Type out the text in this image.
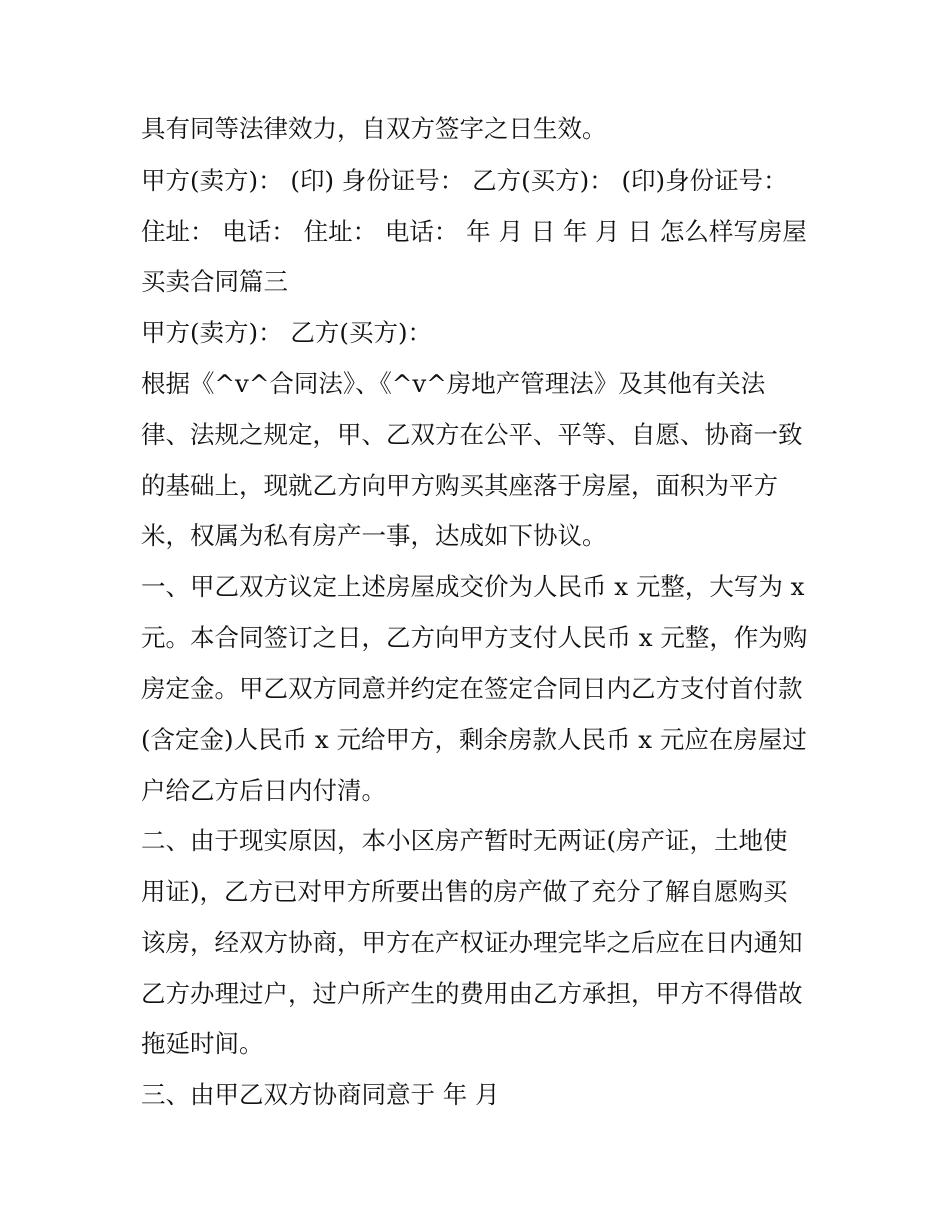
具有同等法律效力，自双方签字之日生效。
甲方(卖方)： (印) 身份证号： 乙方(买方)： (印)身份证号：
住址： 电话： 住址： 电话： 年 月 日 年 月 日 怎么样写房屋
买卖合同篇三
甲方(卖方)： 乙方(买方)：
根据《^v^合同法》、《^v^房地产管理法》及其他有关法
律、法规之规定，甲、乙双方在公平、平等、自愿、协商一致
的基础上，现就乙方向甲方购买其座落于房屋，面积为平方
米，权属为私有房产一事，达成如下协议。
一、甲乙双方议定上述房屋成交价为人民币 x 元整，大写为 x
元。本合同签订之日，乙方向甲方支付人民币 x 元整，作为购
房定金。甲乙双方同意并约定在签定合同日内乙方支付首付款
(含定金)人民币 x 元给甲方，剩余房款人民币 x 元应在房屋过
户给乙方后日内付清。
二、由于现实原因，本小区房产暂时无两证(房产证，土地使
用证)，乙方已对甲方所要出售的房产做了充分了解自愿购买
该房，经双方协商，甲方在产权证办理完毕之后应在日内通知
乙方办理过户，过户所产生的费用由乙方承担，甲方不得借故
拖延时间。
三、由甲乙双方协商同意于 年 月
